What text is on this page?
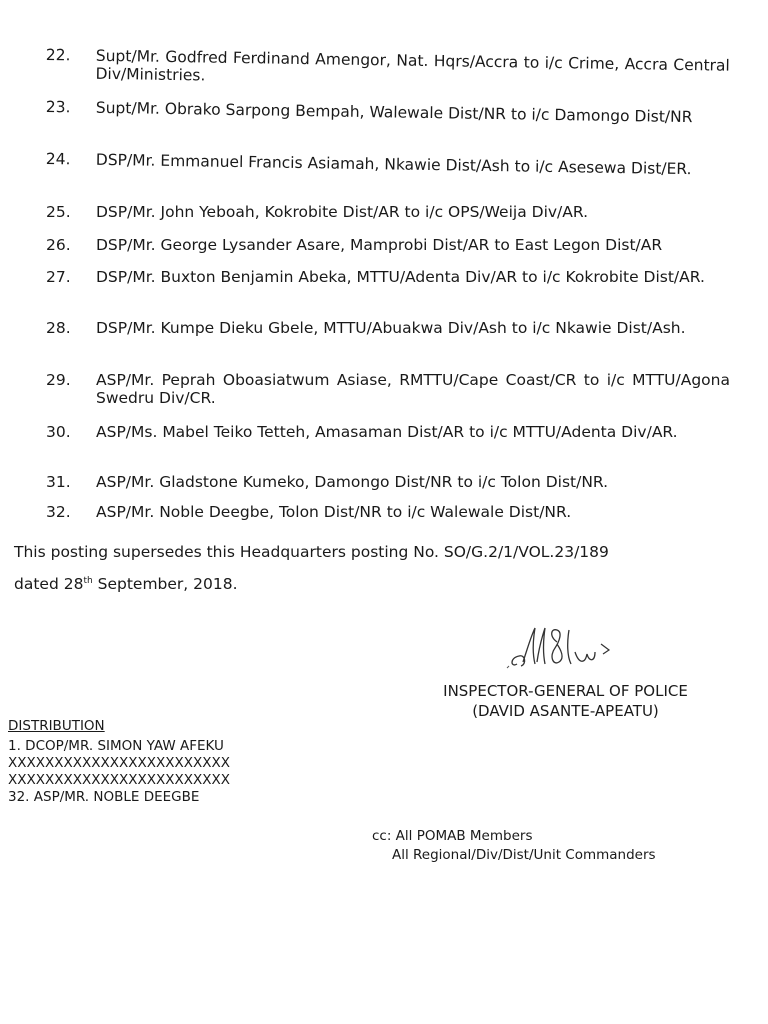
22.	Supt/Mr. Godfred Ferdinand Amengor, Nat. Hqrs/Accra to i/c Crime, Accra Central Div/Ministries.
23.	Supt/Mr. Obrako Sarpong Bempah, Walewale Dist/NR to i/c Damongo Dist/NR
24.	DSP/Mr. Emmanuel Francis Asiamah, Nkawie Dist/Ash to i/c Asesewa Dist/ER.
25.	DSP/Mr. John Yeboah, Kokrobite Dist/AR to i/c OPS/Weija Div/AR.
26.	DSP/Mr. George Lysander Asare, Mamprobi Dist/AR to East Legon Dist/AR
27.	DSP/Mr. Buxton Benjamin Abeka, MTTU/Adenta Div/AR to i/c Kokrobite Dist/AR.
28.	DSP/Mr. Kumpe Dieku Gbele, MTTU/Abuakwa Div/Ash to i/c Nkawie Dist/Ash.
29.	ASP/Mr. Peprah Oboasiatwum Asiase, RMTTU/Cape Coast/CR to i/c MTTU/Agona Swedru Div/CR.
30.	ASP/Ms. Mabel Teiko Tetteh, Amasaman Dist/AR to i/c MTTU/Adenta Div/AR.
31.	ASP/Mr. Gladstone Kumeko, Damongo Dist/NR to i/c Tolon Dist/NR.
32.	ASP/Mr. Noble Deegbe, Tolon Dist/NR to i/c Walewale Dist/NR.
This posting supersedes this Headquarters posting No. SO/G.2/1/VOL.23/189
dated 28th September, 2018.
INSPECTOR-GENERAL OF POLICE
(DAVID ASANTE-APEATU)
DISTRIBUTION
1. DCOP/MR. SIMON YAW AFEKU
XXXXXXXXXXXXXXXXXXXXXXXX
XXXXXXXXXXXXXXXXXXXXXXXX
32. ASP/MR. NOBLE DEEGBE
cc: All POMAB Members
All Regional/Div/Dist/Unit Commanders
